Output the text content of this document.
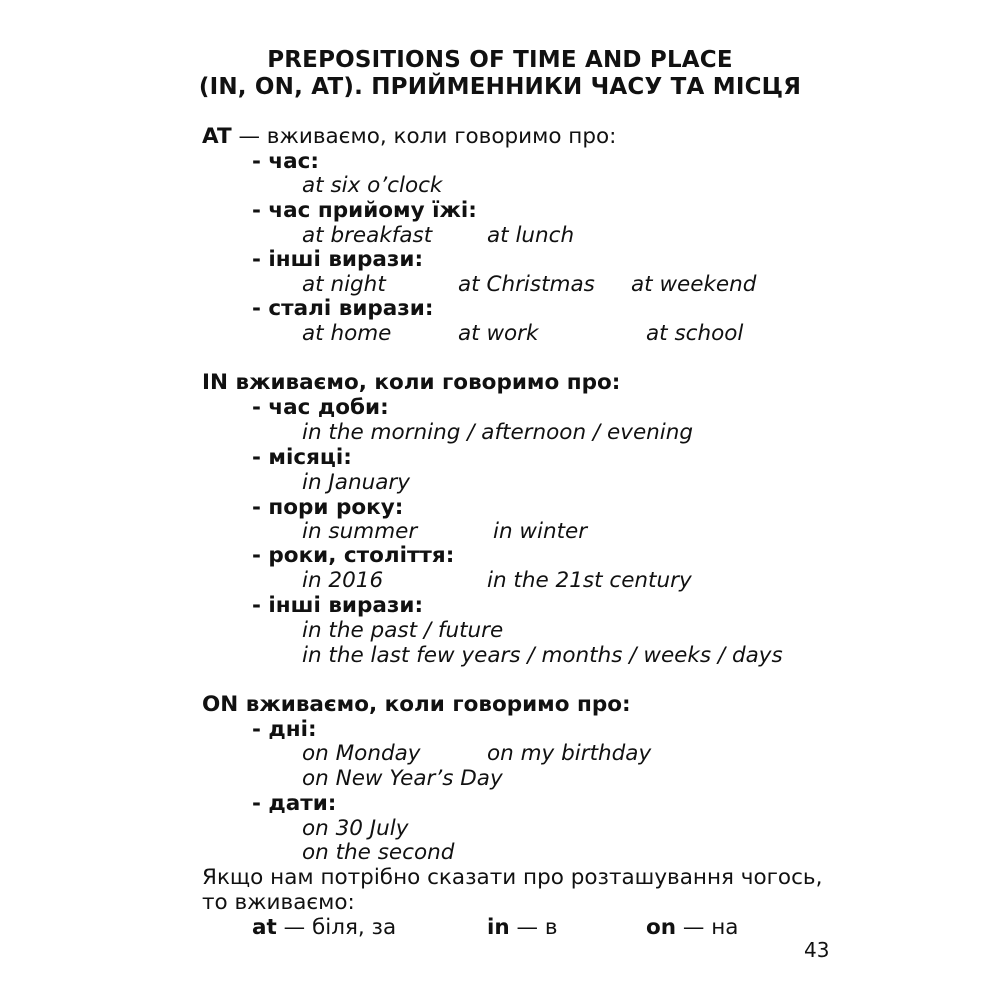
PREPOSITIONS OF TIME AND PLACE
(IN, ON, AT). ПРИЙМЕННИКИ ЧАСУ ТА МІСЦЯ
AT — вживаємо, коли говоримо про:
- час:
at six o’clock
- час прийому їжі:
at breakfast	at lunch
- інші вирази:
at night	at Christmas at weekend
- сталі вирази:
at home	at work	at school
IN вживаємо, коли говоримо про:
- час доби:
in the morning / afternoon / evening
- місяці:
in January
- пори року:
in summer	in winter
- роки, століття:
in 2016	in the 21st century
- інші вирази:
in the past / future
in the last few years / months / weeks / days
ON вживаємо, коли говоримо про:
- дні:
on Monday	on my birthday
on New Year’s Day
- дати:
on 30 July
on the second
Якщо нам потрібно сказати про розташування чогось,
то вживаємо:
at — біля, за	in — в	on — на
43
